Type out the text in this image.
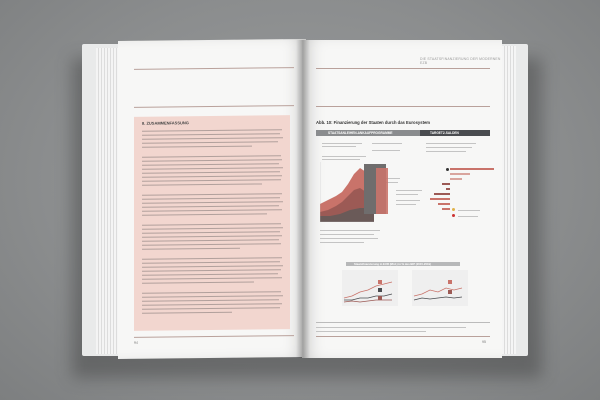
8. ZUSAMMENFASSUNG
94
DIE STAATSFINANZIERUNG DER MODERNEN EZB
Abb. 10: Finanzierung der Staaten durch das Eurosystem
STAATSANLEIHEN-ANKAUFPROGRAMME	TARGET2-SALDEN
Staatsfinanzierung in EUR (Mrd.) in % des BIP (2015-2019)

95
